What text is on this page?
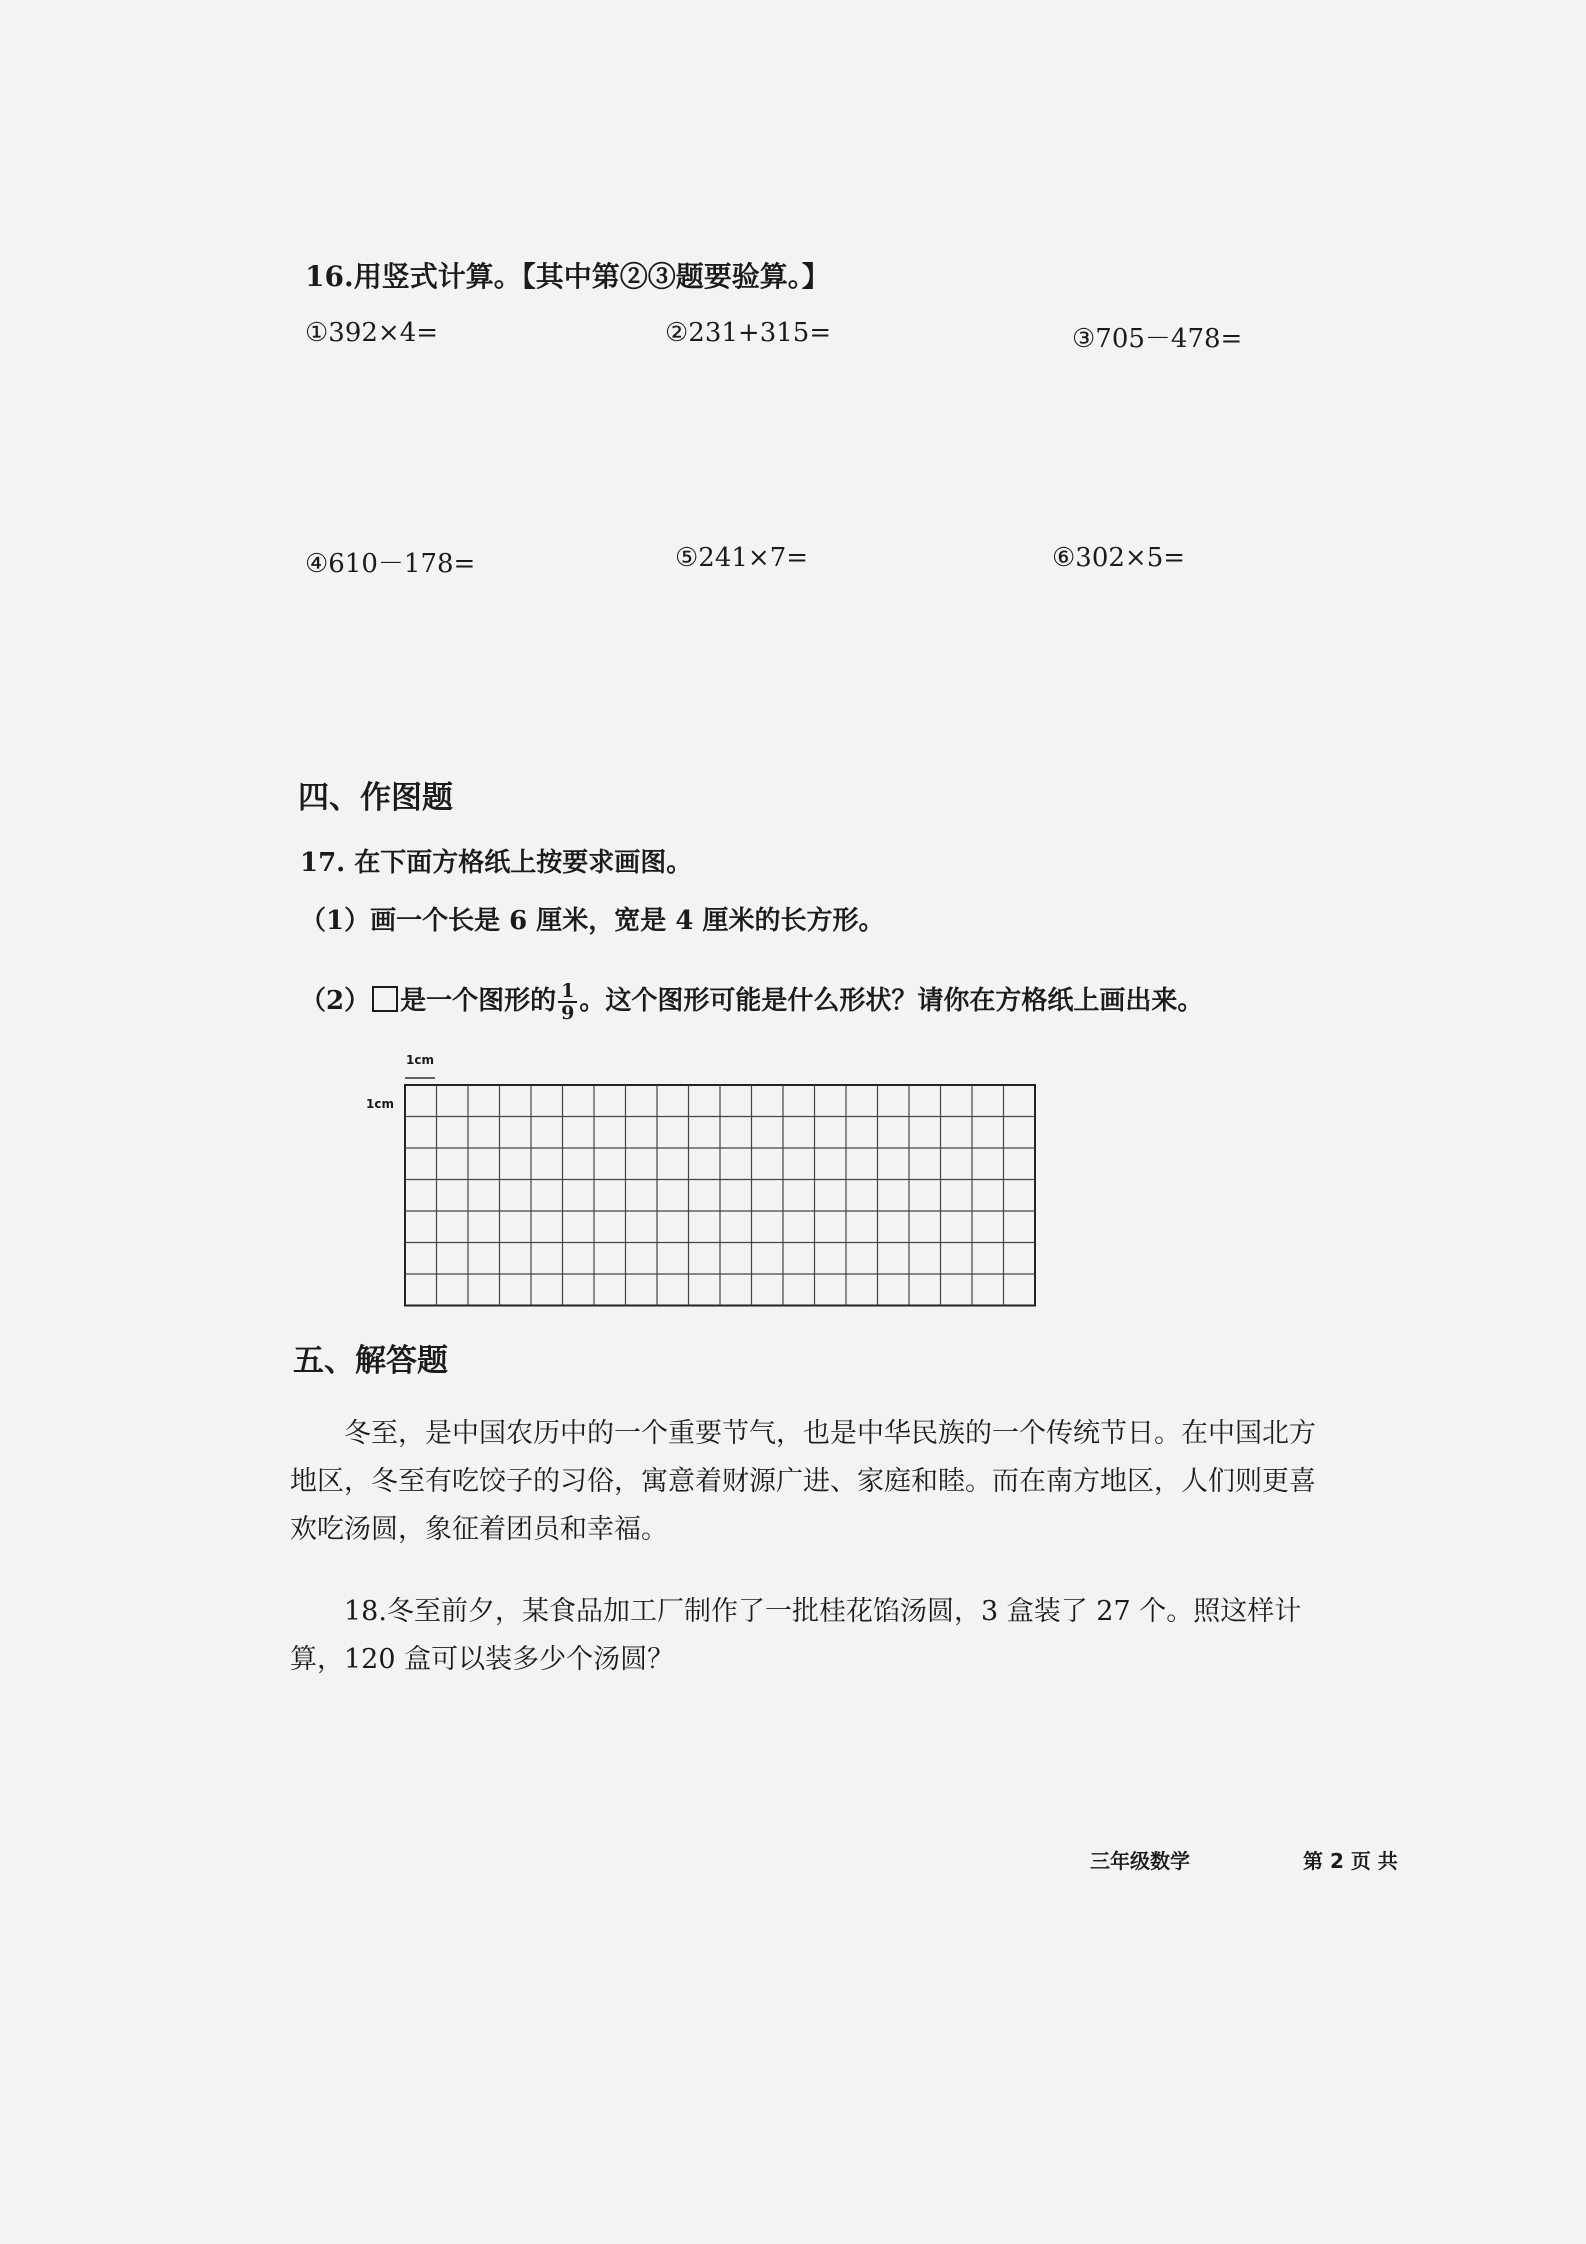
16.用竖式计算。【其中第②③题要验算。】
①392×4=	②231+315=	③705－478=
④610－178=	⑤241×7=	⑥302×5=
四、作图题
17. 在下面方格纸上按要求画图。
（1）画一个长是 6 厘米，宽是 4 厘米的长方形。
（2） 是一个图形的 $\frac{1}{9}$ 。这个图形可能是什么形状？请你在方格纸上画出来。
1cm
1cm
五、解答题
冬至，是中国农历中的一个重要节气，也是中华民族的一个传统节日。在中国北方地区，冬至有吃饺子的习俗，寓意着财源广进、家庭和睦。而在南方地区，人们则更喜欢吃汤圆，象征着团员和幸福。
18.冬至前夕，某食品加工厂制作了一批桂花馅汤圆，3 盒装了 27 个。照这样计算，120 盒可以装多少个汤圆？
三年级数学	第 2 页 共
